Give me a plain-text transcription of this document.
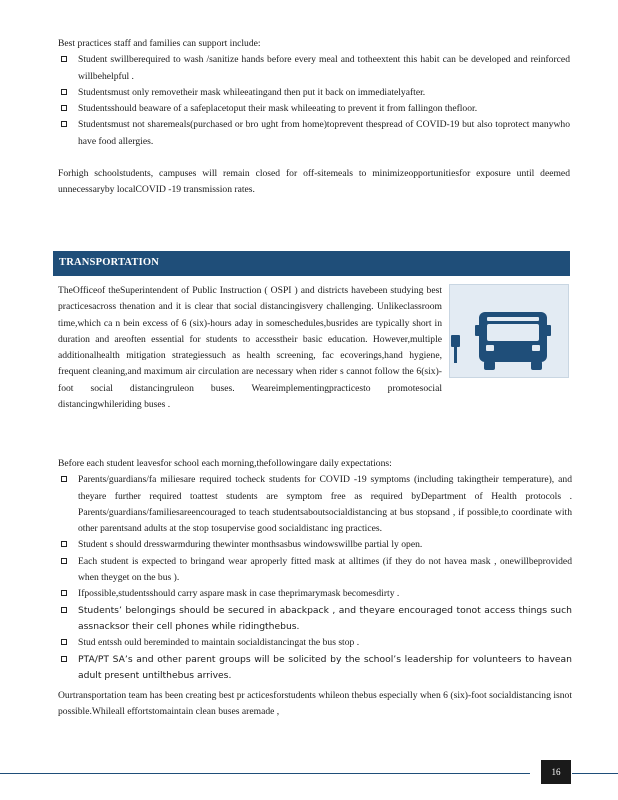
Best practices staff and families can support include:

Student swillberequired to wash /sanitize hands before every meal and totheextent this habit can be developed and reinforced willbehelpful .
Studentsmust only removetheir mask whileeatingand then put it back on immediatelyafter.
Studentsshould beaware of a safeplacetoput their mask whileeating to prevent it from fallingon thefloor.
Studentsmust not sharemeals(purchased or bro ught from home)toprevent thespread of COVID-19 but also toprotect manywho have food allergies.

Forhigh schoolstudents, campuses will remain closed for off-sitemeals to minimizeopportunitiesfor exposure until deemed unnecessaryby localCOVID -19 transmission rates.

TRANSPORTATION

TheOfficeof theSuperintendent of Public Instruction ( OSPI ) and districts havebeen studying best practicesacross thenation and it is clear that social distancingisvery challenging. Unlikeclassroom time,which ca n bein excess of 6 (six)-hours aday in someschedules,busrides are typically short in duration and areoften essential for students to accesstheir basic education. However,multiple additionalhealth mitigation strategiessuch as health screening, fac ecoverings,hand hygiene, frequent cleaning,and maximum air circulation are necessary when rider s cannot follow the 6(six)-foot social distancingruleon buses. Weareimplementingpracticesto promotesocial distancingwhileriding buses .

Before each student leavesfor school each morning,thefollowingare daily expectations:

Parents/guardians/fa miliesare required tocheck students for COVID -19 symptoms (including takingtheir temperature), and theyare further required toattest students are symptom free as required byDepartment of Health protocols . Parents/guardians/familiesareencouraged to teach studentsaboutsocialdistancing at bus stopsand , if possible,to coordinate with other parentsand adults at the stop tosupervise good socialdistanc ing practices.
Student s should dresswarmduring thewinter monthsasbus windowswillbe partial ly open.
Each student is expected to bringand wear aproperly fitted mask at alltimes (if they do not havea mask , onewillbeprovided when theyget on the bus ).
Ifpossible,studentsshould carry aspare mask in case theprimarymask becomesdirty .
Students’ belongings should be secured in abackpack , and theyare encouraged tonot access things such assnacksor their cell phones while ridingthebus.
Stud entssh ould bereminded to maintain socialdistancingat the bus stop .
PTA/PT SA’s and other parent groups will be solicited by the school’s leadership for volunteers to havean adult present untilthebus arrives.

Ourtransportation team has been creating best pr acticesforstudents whileon thebus especially when 6 (six)-foot socialdistancing isnot possible.Whileall effortstomaintain clean buses aremade ,

16
